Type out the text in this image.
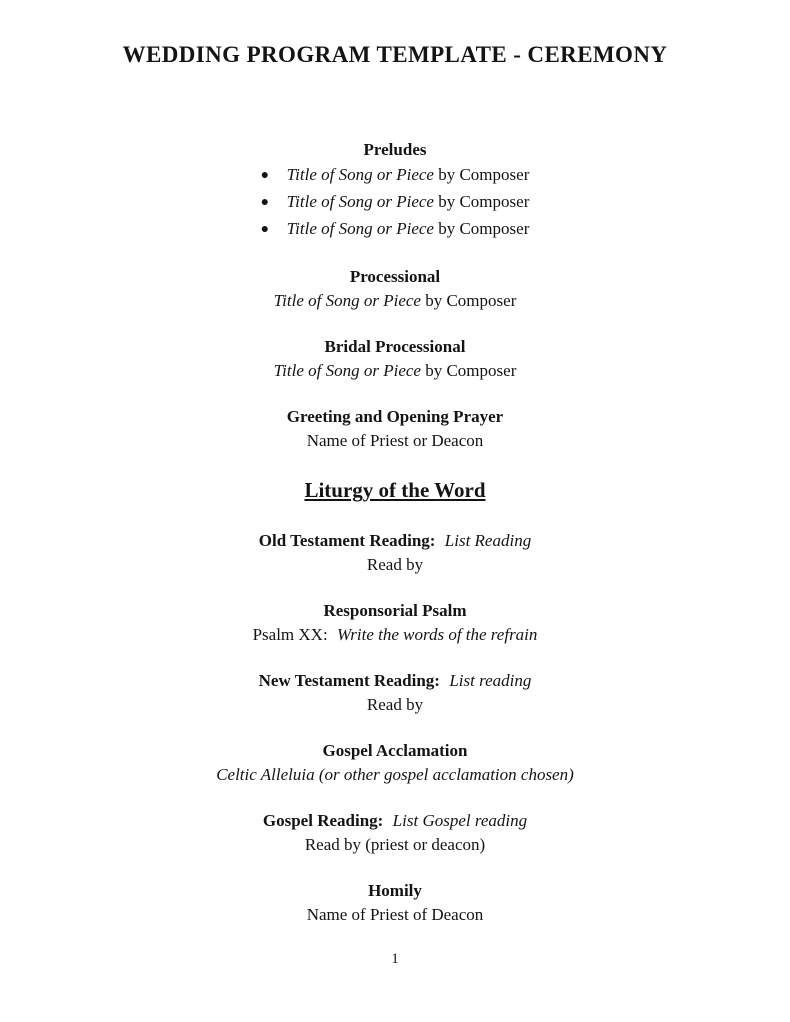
WEDDING PROGRAM TEMPLATE - CEREMONY
Preludes
● Title of Song or Piece by Composer
● Title of Song or Piece by Composer
● Title of Song or Piece by Composer
Processional
Title of Song or Piece by Composer
Bridal Processional
Title of Song or Piece by Composer
Greeting and Opening Prayer
Name of Priest or Deacon
Liturgy of the Word
Old Testament Reading: List Reading
Read by
Responsorial Psalm
Psalm XX: Write the words of the refrain
New Testament Reading: List reading
Read by
Gospel Acclamation
Celtic Alleluia (or other gospel acclamation chosen)
Gospel Reading: List Gospel reading
Read by (priest or deacon)
Homily
Name of Priest of Deacon
1
